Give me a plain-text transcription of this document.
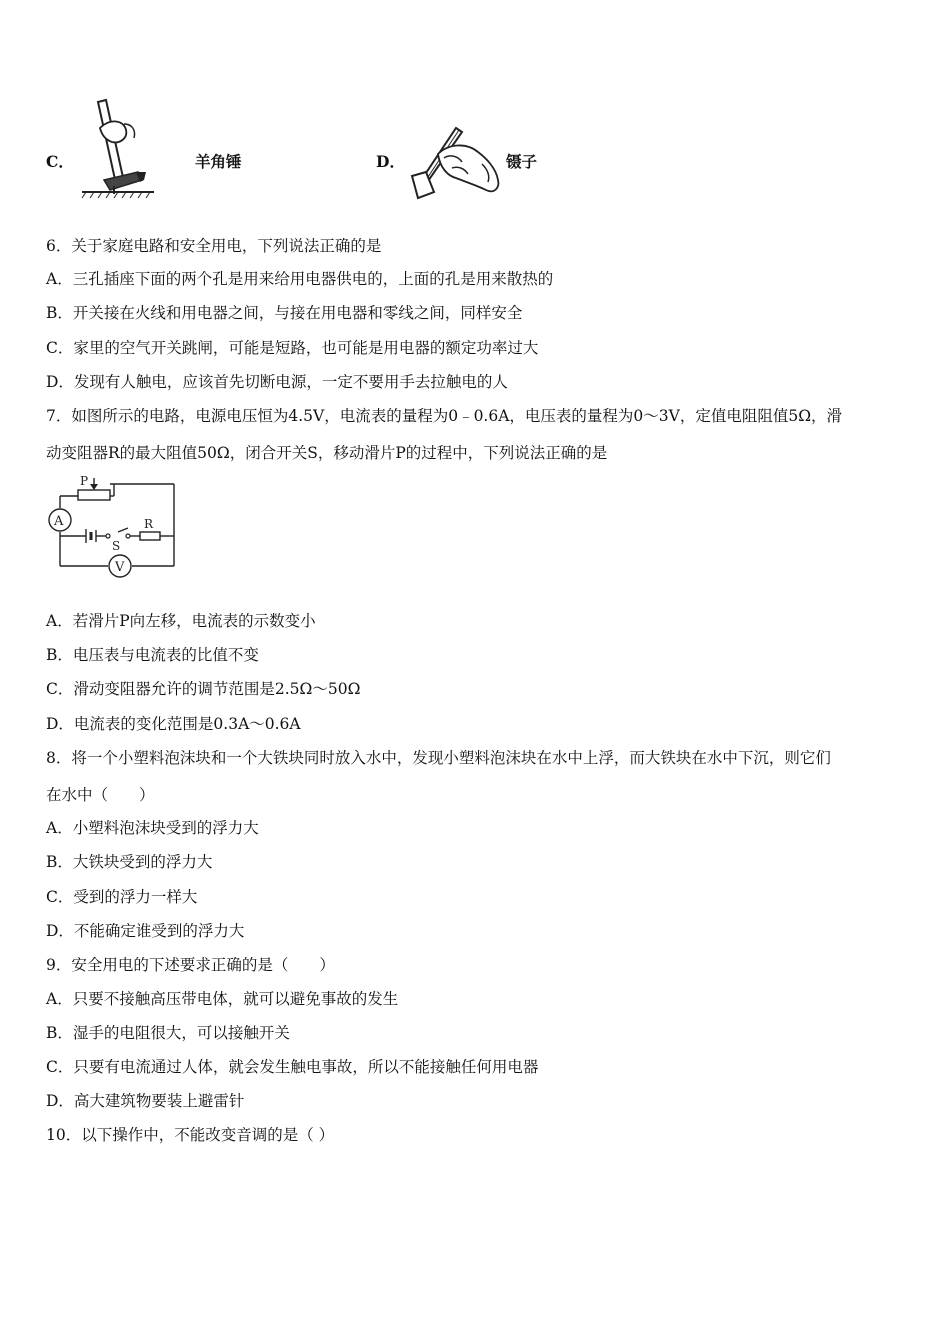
C．	羊角锤	D．	镊子
6．关于家庭电路和安全用电，下列说法正确的是
A．三孔插座下面的两个孔是用来给用电器供电的，上面的孔是用来散热的
B．开关接在火线和用电器之间，与接在用电器和零线之间，同样安全
C．家里的空气开关跳闸，可能是短路，也可能是用电器的额定功率过大
D．发现有人触电，应该首先切断电源，一定不要用手去拉触电的人
7．如图所示的电路，电源电压恒为4.5V，电流表的量程为0﹣0.6A，电压表的量程为0～3V，定值电阻阻值5Ω，滑
动变阻器R的最大阻值50Ω，闭合开关S，移动滑片P的过程中，下列说法正确的是
P
A
S
R
V
A．若滑片P向左移，电流表的示数变小
B．电压表与电流表的比值不变
C．滑动变阻器允许的调节范围是2.5Ω～50Ω
D．电流表的变化范围是0.3A～0.6A
8．将一个小塑料泡沫块和一个大铁块同时放入水中，发现小塑料泡沫块在水中上浮，而大铁块在水中下沉，则它们
在水中（　　）
A．小塑料泡沫块受到的浮力大
B．大铁块受到的浮力大
C．受到的浮力一样大
D．不能确定谁受到的浮力大
9．安全用电的下述要求正确的是（　　）
A．只要不接触高压带电体，就可以避免事故的发生
B．湿手的电阻很大，可以接触开关
C．只要有电流通过人体，就会发生触电事故，所以不能接触任何用电器
D．高大建筑物要装上避雷针
10．以下操作中，不能改变音调的是（ ）
